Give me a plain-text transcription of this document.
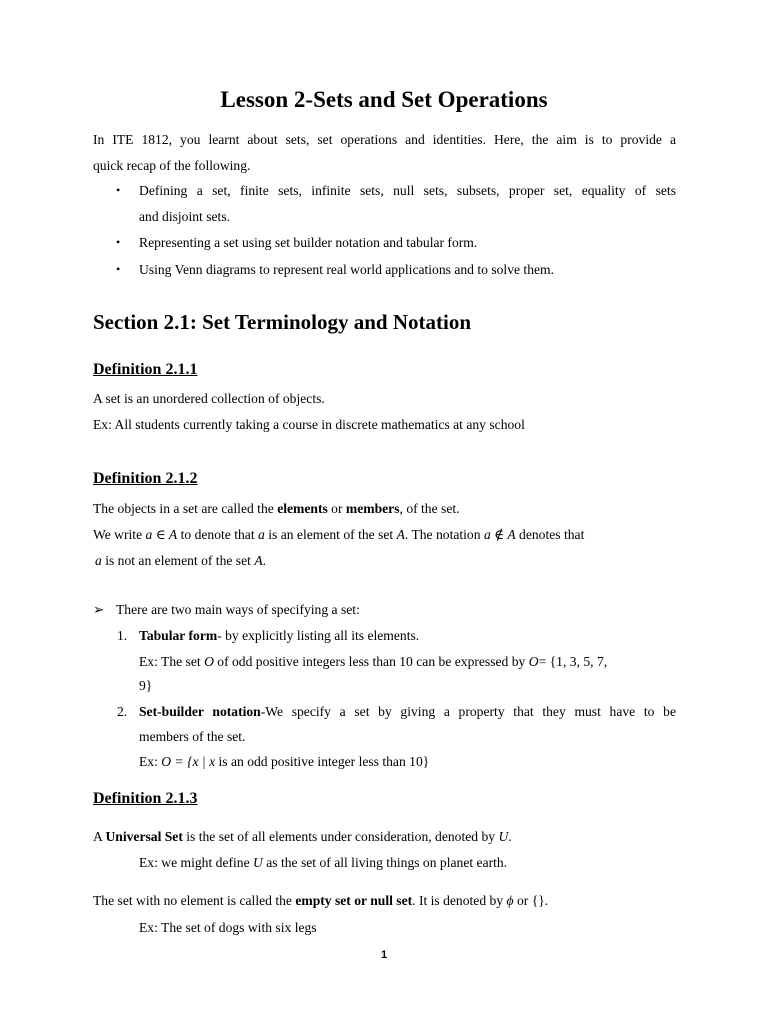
Lesson 2-Sets and Set Operations
In ITE 1812, you learnt about sets, set operations and identities. Here, the aim is to provide a
quick recap of the following.
• Defining a set, finite sets, infinite sets, null sets, subsets, proper set, equality of sets
and disjoint sets.
• Representing a set using set builder notation and tabular form.
• Using Venn diagrams to represent real world applications and to solve them.
Section 2.1: Set Terminology and Notation
Definition 2.1.1
A set is an unordered collection of objects.
Ex: All students currently taking a course in discrete mathematics at any school
Definition 2.1.2
The objects in a set are called the elements or members, of the set.
We write a ∈ A to denote that a is an element of the set A. The notation a ∉ A denotes that
a is not an element of the set A.
➢ There are two main ways of specifying a set:
1. Tabular form- by explicitly listing all its elements.
Ex: The set O of odd positive integers less than 10 can be expressed by O= {1, 3, 5, 7,
9}
2. Set-builder notation-We specify a set by giving a property that they must have to be
members of the set.
Ex: O = {x | x is an odd positive integer less than 10}
Definition 2.1.3
A Universal Set is the set of all elements under consideration, denoted by U.
Ex: we might define U as the set of all living things on planet earth.
The set with no element is called the empty set or null set. It is denoted by ϕ or {}.
Ex: The set of dogs with six legs
1
